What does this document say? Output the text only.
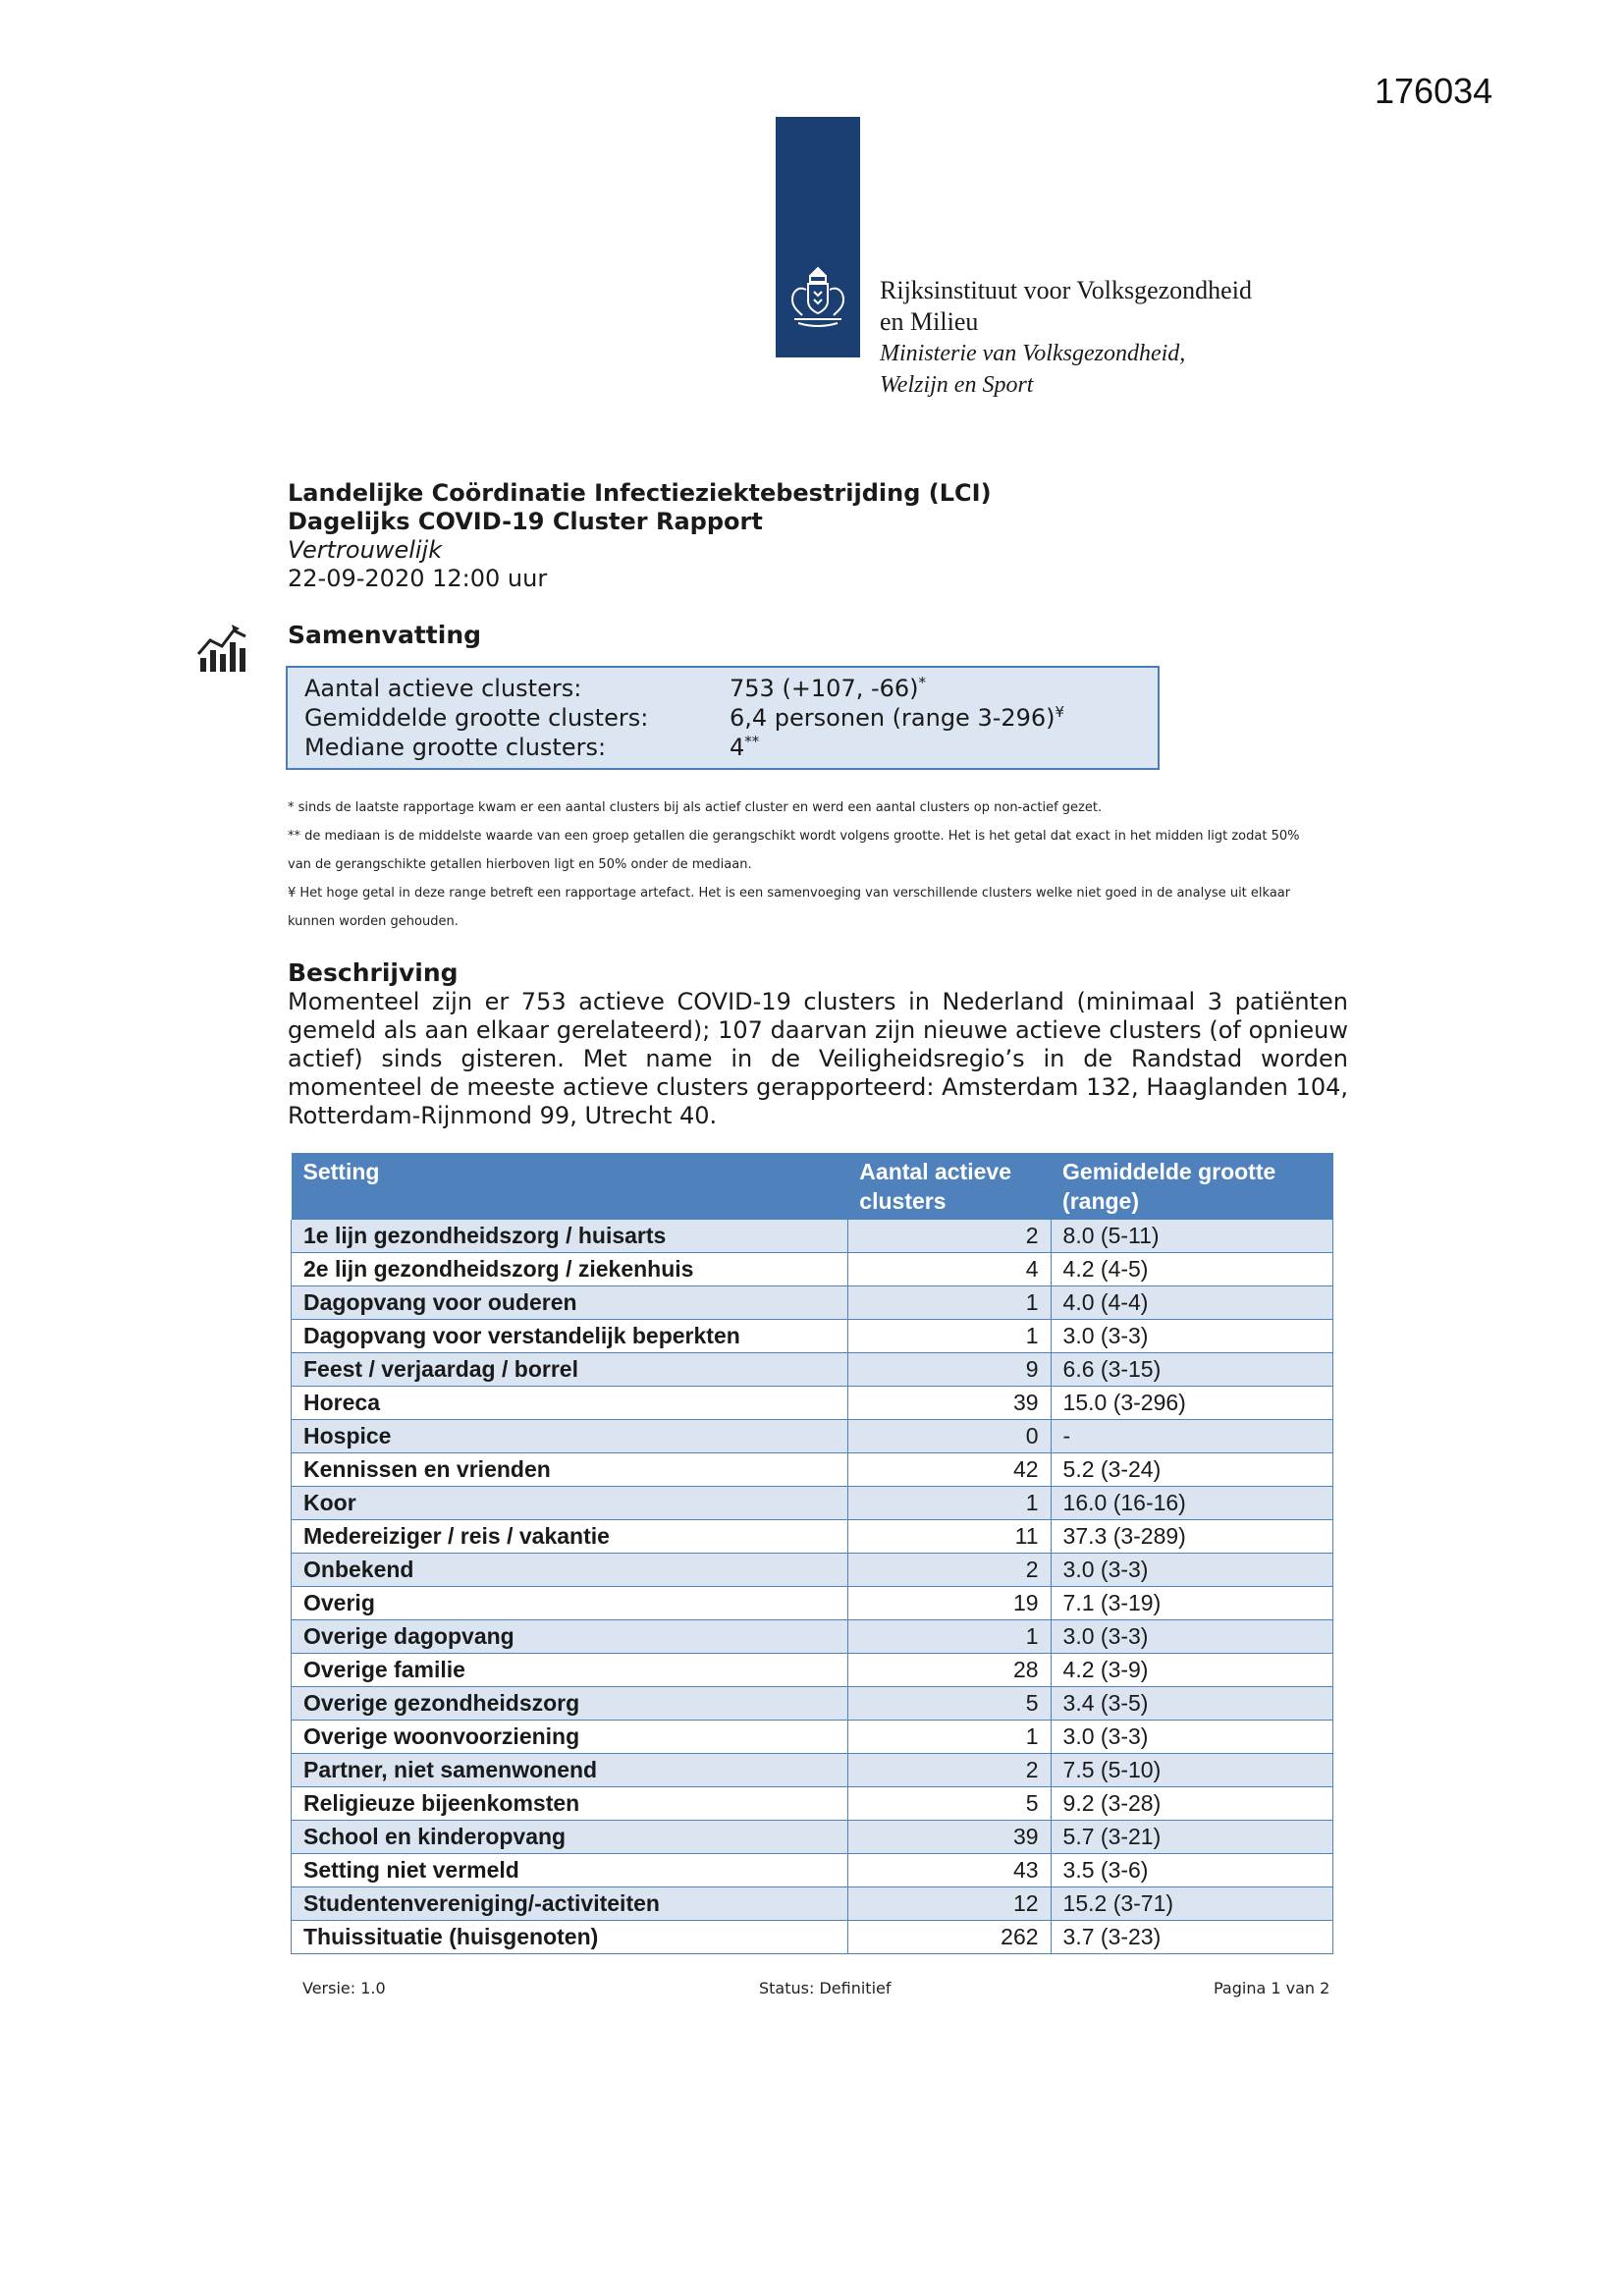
176034
Rijksinstituut voor Volksgezondheid
en Milieu
Ministerie van Volksgezondheid,
Welzijn en Sport
Landelijke Coördinatie Infectieziektebestrijding (LCI)
Dagelijks COVID-19 Cluster Rapport
Vertrouwelijk
22-09-2020 12:00 uur
Samenvatting
Aantal actieve clusters:	753 (+107, -66)*
Gemiddelde grootte clusters:	6,4 personen (range 3-296)¥
Mediane grootte clusters:	4**
* sinds de laatste rapportage kwam er een aantal clusters bij als actief cluster en werd een aantal clusters op non-actief gezet.
** de mediaan is de middelste waarde van een groep getallen die gerangschikt wordt volgens grootte. Het is het getal dat exact in het midden ligt zodat 50%
van de gerangschikte getallen hierboven ligt en 50% onder de mediaan.
¥ Het hoge getal in deze range betreft een rapportage artefact. Het is een samenvoeging van verschillende clusters welke niet goed in de analyse uit elkaar
kunnen worden gehouden.
Beschrijving
Momenteel zijn er 753 actieve COVID-19 clusters in Nederland (minimaal 3 patiënten gemeld als aan elkaar gerelateerd); 107 daarvan zijn nieuwe actieve clusters (of opnieuw actief) sinds gisteren. Met name in de Veiligheidsregio’s in de Randstad worden momenteel de meeste actieve clusters gerapporteerd: Amsterdam 132, Haaglanden 104, Rotterdam-Rijnmond 99, Utrecht 40.
Setting	Aantal actieve clusters	Gemiddelde grootte (range)
1e lijn gezondheidszorg / huisarts	2	8.0 (5-11)
2e lijn gezondheidszorg / ziekenhuis	4	4.2 (4-5)
Dagopvang voor ouderen	1	4.0 (4-4)
Dagopvang voor verstandelijk beperkten	1	3.0 (3-3)
Feest / verjaardag / borrel	9	6.6 (3-15)
Horeca	39	15.0 (3-296)
Hospice	0	-
Kennissen en vrienden	42	5.2 (3-24)
Koor	1	16.0 (16-16)
Medereiziger / reis / vakantie	11	37.3 (3-289)
Onbekend	2	3.0 (3-3)
Overig	19	7.1 (3-19)
Overige dagopvang	1	3.0 (3-3)
Overige familie	28	4.2 (3-9)
Overige gezondheidszorg	5	3.4 (3-5)
Overige woonvoorziening	1	3.0 (3-3)
Partner, niet samenwonend	2	7.5 (5-10)
Religieuze bijeenkomsten	5	9.2 (3-28)
School en kinderopvang	39	5.7 (3-21)
Setting niet vermeld	43	3.5 (3-6)
Studentenvereniging/-activiteiten	12	15.2 (3-71)
Thuissituatie (huisgenoten)	262	3.7 (3-23)
Versie: 1.0	Status: Definitief	Pagina 1 van 2
